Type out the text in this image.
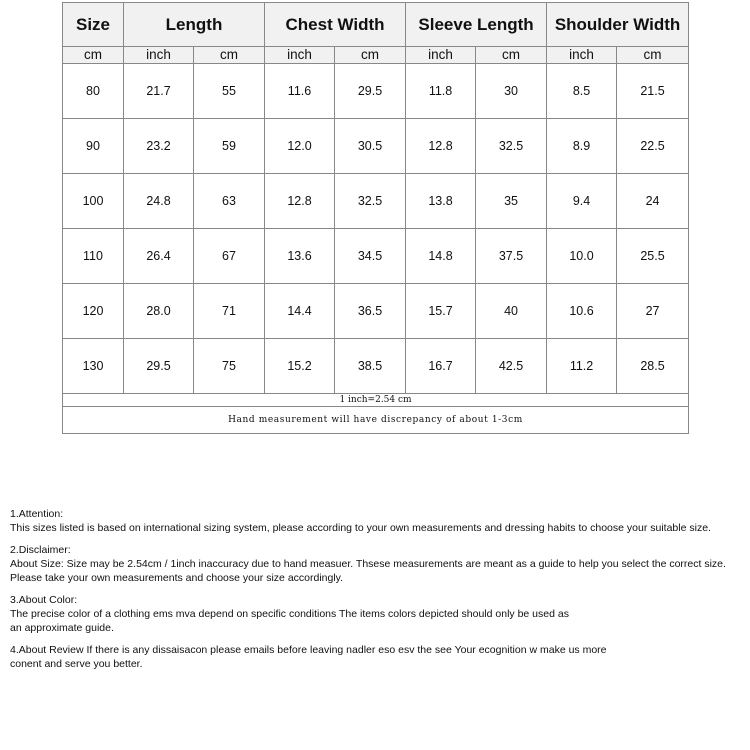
Size	Length		Chest Width		Sleeve Length		Shoulder Width	
cm	inch	cm	inch	cm	inch	cm	inch	cm
80	21.7	55	11.6	29.5	11.8	30	8.5	21.5
90	23.2	59	12.0	30.5	12.8	32.5	8.9	22.5
100	24.8	63	12.8	32.5	13.8	35	9.4	24
110	26.4	67	13.6	34.5	14.8	37.5	10.0	25.5
120	28.0	71	14.4	36.5	15.7	40	10.6	27
130	29.5	75	15.2	38.5	16.7	42.5	11.2	28.5
1 inch=2.54 cm								
Hand measurement will have discrepancy of about 1-3cm								
1.Attention:
This sizes listed is based on international sizing system, please according to your own measurements and dressing habits to choose your suitable size.
2.Disclaimer:
About Size: Size may be 2.54cm / 1inch inaccuracy due to hand measuer. Thsese measurements are meant as a guide to help you select the correct size.
Please take your own measurements and choose your size accordingly.
3.About Color:
The precise color of a clothing ems mva depend on specific conditions The items colors depicted should only be used as
an approximate guide.
4.About Review If there is any dissaisacon please emails before leaving nadler eso esv the see Your ecognition w make us more
conent and serve you better.
